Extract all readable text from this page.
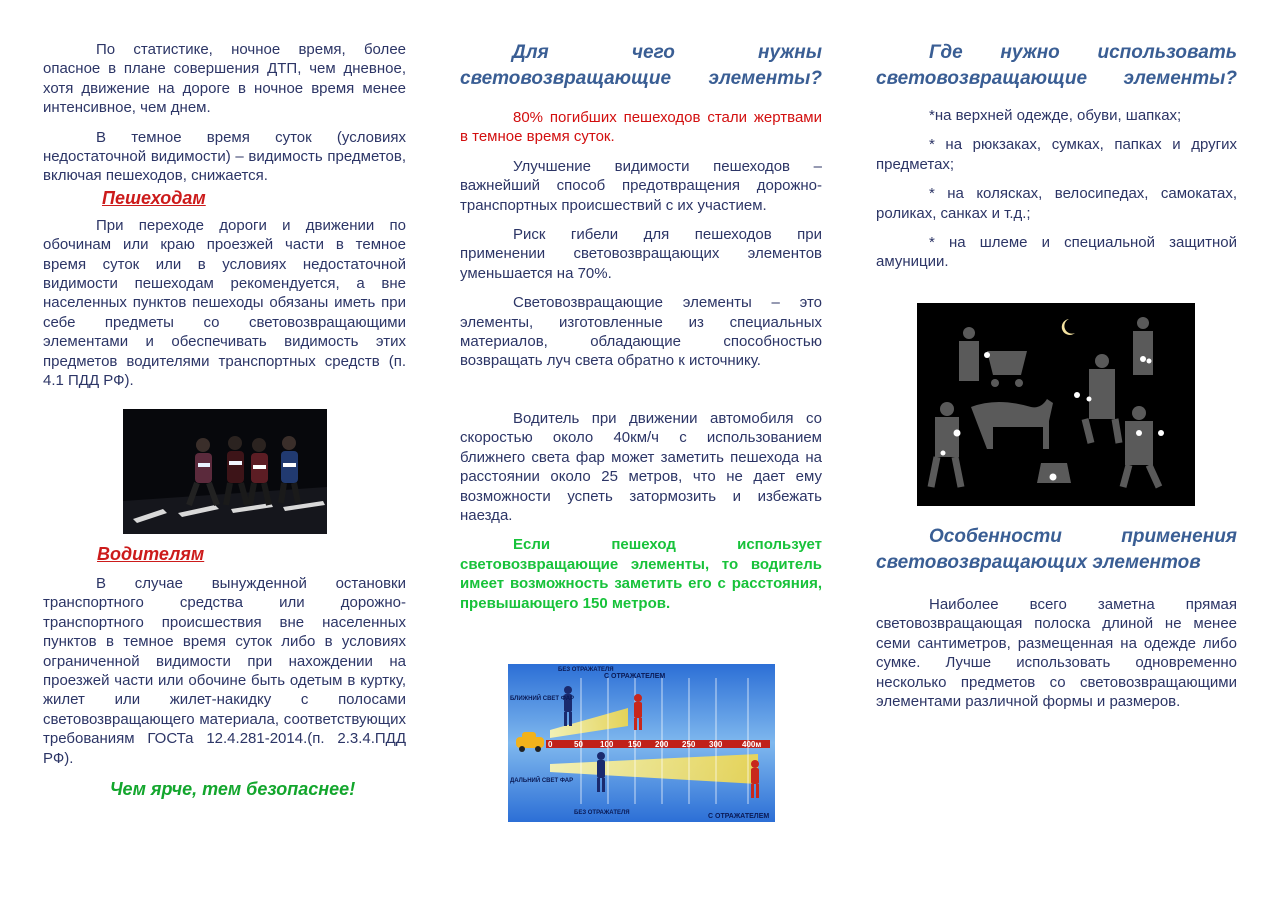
По статистике, ночное время, более опасное в плане совершения ДТП, чем дневное, хотя движение на дороге в ночное время менее интенсивное, чем днем.

В темное время суток (условиях недостаточной видимости) – видимость предметов, включая пешеходов, снижается.

Пешеходам

При переходе дороги и движении по обочинам или краю проезжей части в темное время суток или в условиях недостаточной видимости пешеходам рекомендуется, а вне населенных пунктов пешеходы обязаны иметь при себе предметы со световозвращающими элементами и обеспечивать видимость этих предметов водителями транспортных средств (п. 4.1 ПДД РФ).

Водителям

В случае вынужденной остановки транспортного средства или дорожно-транспортного происшествия вне населенных пунктов в темное время суток либо в условиях ограниченной видимости при нахождении на проезжей части или обочине быть одетым в куртку, жилет или жилет-накидку с полосами световозвращающего материала, соответствующих требованиям ГОСТа 12.4.281-2014.(п. 2.3.4.ПДД РФ).

Чем ярче, тем безопаснее!
Для чего нужны световозвращающие элементы?

80% погибших пешеходов стали жертвами в темное время суток.

Улучшение видимости пешеходов – важнейший способ предотвращения дорожно-транспортных происшествий с их участием.

Риск гибели для пешеходов при применении световозвращающих элементов уменьшается на 70%.

Световозвращающие элементы – это элементы, изготовленные из специальных материалов, обладающие способностью возвращать луч света обратно к источнику.

Водитель при движении автомобиля со скоростью около 40км/ч с использованием ближнего света фар может заметить пешехода на расстоянии около 25 метров, что не дает ему возможности успеть затормозить и избежать наезда.

Если пешеход использует световозвращающие элементы, то водитель имеет возможность заметить его с расстояния, превышающего 150 метров.

БЕЗ ОТРАЖАТЕЛЯ
С ОТРАЖАТЕЛЕМ
БЛИЖНИЙ СВЕТ ФАР
ДАЛЬНИЙ СВЕТ ФАР
БЕЗ ОТРАЖАТЕЛЯ	С ОТРАЖАТЕЛЕМ
0	50 100 150 200 250 300 400м
Где нужно использовать световозвращающие элементы?

*на верхней одежде, обуви, шапках;

* на рюкзаках, сумках, папках и других предметах;

* на колясках, велосипедах, самокатах, роликах, санках и т.д.;

* на шлеме и специальной защитной амуниции.

Особенности применения световозвращающих элементов

Наиболее всего заметна прямая световозвращающая полоска длиной не менее семи сантиметров, размещенная на одежде либо сумке. Лучше использовать одновременно несколько предметов со световозвращающими элементами различной формы и размеров.
